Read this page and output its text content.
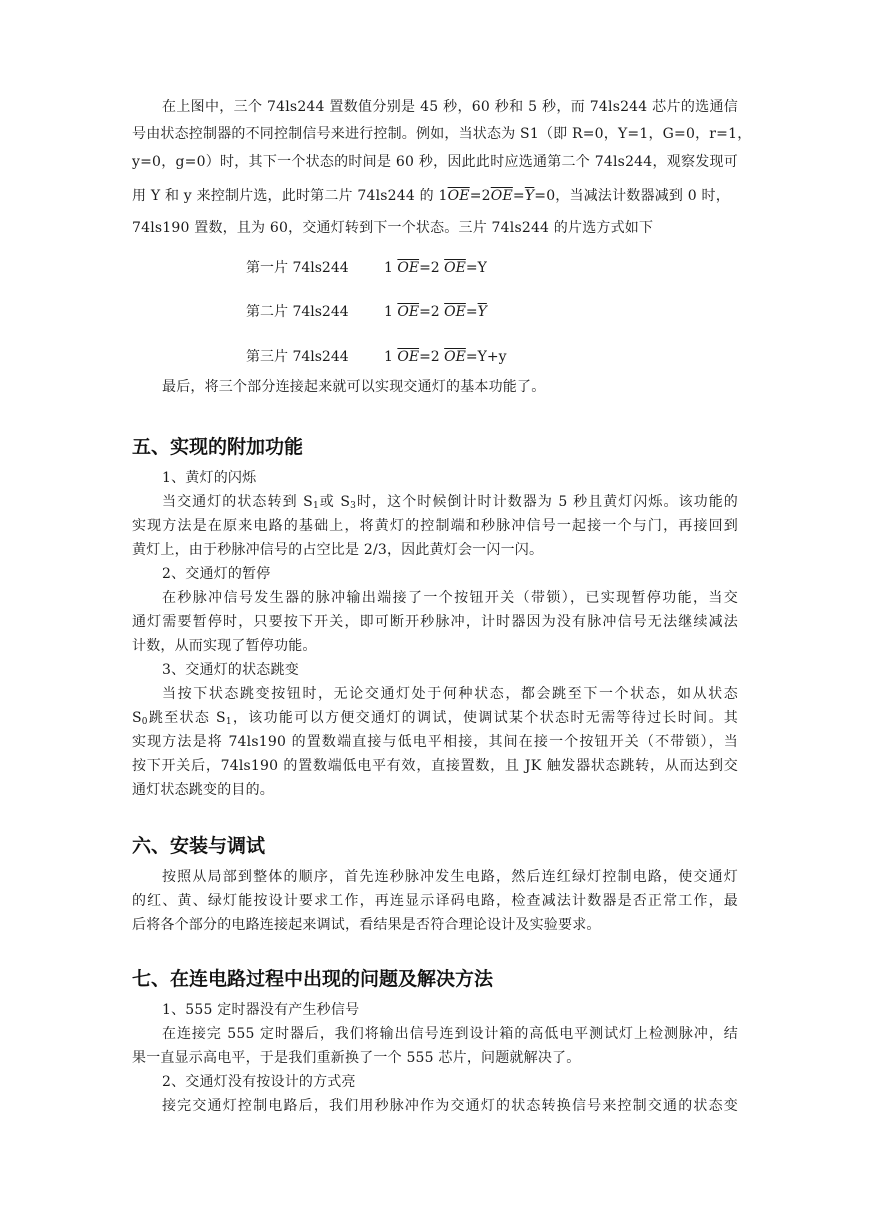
在上图中，三个 74ls244 置数值分别是 45 秒，60 秒和 5 秒，而 74ls244 芯片的选通信
号由状态控制器的不同控制信号来进行控制。例如，当状态为 S1（即 R=0，Y=1，G=0，r=1，
y=0，g=0）时，其下一个状态的时间是 60 秒，因此此时应选通第二个 74ls244，观察发现可
用 Y 和 y 来控制片选，此时第二片 74ls244 的 $1\overline{OE}=2\overline{OE}=\overline{Y}=0$，当减法计数器减到 0 时，
74ls190 置数，且为 60，交通灯转到下一个状态。三片 74ls244 的片选方式如下
第一片 74ls244	1 $\overline{OE}=2$ $\overline{OE}=Y$
第二片 74ls244	1 $\overline{OE}=2$ $\overline{OE}=\overline{Y}$
第三片 74ls244	1 $\overline{OE}=2$ $\overline{OE}=Y+y$
最后，将三个部分连接起来就可以实现交通灯的基本功能了。
五、实现的附加功能
1、黄灯的闪烁
当交通灯的状态转到 $S_1$或 $S_3$时，这个时候倒计时计数器为 5 秒且黄灯闪烁。该功能的
实现方法是在原来电路的基础上，将黄灯的控制端和秒脉冲信号一起接一个与门，再接回到
黄灯上，由于秒脉冲信号的占空比是 2/3，因此黄灯会一闪一闪。
2、交通灯的暂停
在秒脉冲信号发生器的脉冲输出端接了一个按钮开关（带锁），已实现暂停功能，当交
通灯需要暂停时，只要按下开关，即可断开秒脉冲，计时器因为没有脉冲信号无法继续减法
计数，从而实现了暂停功能。
3、交通灯的状态跳变
当按下状态跳变按钮时，无论交通灯处于何种状态，都会跳至下一个状态，如从状态
$S_0$跳至状态 $S_1$，该功能可以方便交通灯的调试，使调试某个状态时无需等待过长时间。其
实现方法是将 74ls190 的置数端直接与低电平相接，其间在接一个按钮开关（不带锁），当
按下开关后，74ls190 的置数端低电平有效，直接置数，且 JK 触发器状态跳转，从而达到交
通灯状态跳变的目的。
六、安装与调试
按照从局部到整体的顺序，首先连秒脉冲发生电路，然后连红绿灯控制电路，使交通灯
的红、黄、绿灯能按设计要求工作，再连显示译码电路，检查减法计数器是否正常工作，最
后将各个部分的电路连接起来调试，看结果是否符合理论设计及实验要求。
七、在连电路过程中出现的问题及解决方法
1、555 定时器没有产生秒信号
在连接完 555 定时器后，我们将输出信号连到设计箱的高低电平测试灯上检测脉冲，结
果一直显示高电平，于是我们重新换了一个 555 芯片，问题就解决了。
2、交通灯没有按设计的方式亮
接完交通灯控制电路后，我们用秒脉冲作为交通灯的状态转换信号来控制交通的状态变
